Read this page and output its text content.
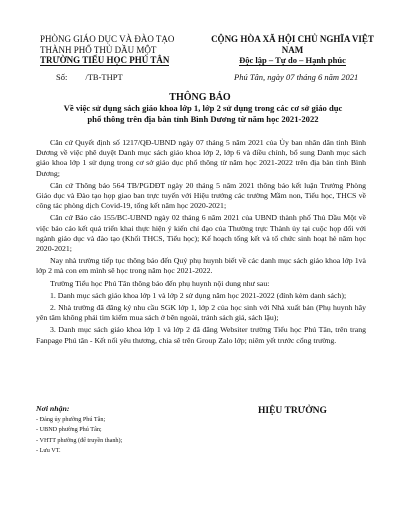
PHÒNG GIÁO DỤC VÀ ĐÀO TẠO
THÀNH PHỐ THỦ DẦU MỘT
TRƯỜNG TIỂU HỌC PHÚ TÂN
CỘNG HÒA XÃ HỘI CHỦ NGHĨA VIỆT NAM
Độc lập – Tự do – Hạnh phúc
Số: /TB-THPT	Phú Tân, ngày 07 tháng 6 năm 2021
THÔNG BÁO
Về việc sử dụng sách giáo khoa lớp 1, lớp 2 sử dụng trong các cơ sở giáo dục phổ thông trên địa bàn tỉnh Bình Dương từ năm học 2021-2022

Căn cứ Quyết định số 1217/QĐ-UBND ngày 07 tháng 5 năm 2021 của Ủy ban nhân dân tỉnh Bình Dương về việc phê duyệt Danh mục sách giáo khoa lớp 2, lớp 6 và điều chỉnh, bổ sung Danh mục sách giáo khoa lớp 1 sử dụng trong cơ sở giáo dục phổ thông từ năm học 2021-2022 trên địa bàn tỉnh Bình Dương;

Căn cứ Thông báo 564 TB/PGDĐT ngày 20 tháng 5 năm 2021 thông báo kết luận Trưởng Phòng Giáo dục và Đào tạo họp giao ban trực tuyến với Hiệu trưởng các trường Mầm non, Tiểu học, THCS về công tác phòng dịch Covid-19, tổng kết năm học 2020-2021;

Căn cứ Báo cáo 155/BC-UBND ngày 02 tháng 6 năm 2021 của UBND thành phố Thủ Dầu Một về việc báo cáo kết quả triển khai thực hiện ý kiến chỉ đạo của Thường trực Thành ủy tại cuộc họp đổi với ngành giáo dục và đào tạo (Khối THCS, Tiểu học); Kế hoạch tổng kết và tổ chức sinh hoạt hè năm học 2020-2021;

Nay nhà trường tiếp tục thông báo đến Quý phụ huynh biết về các danh mục sách giáo khoa lớp 1và lớp 2 mà con em mình sẽ học trong năm học 2021-2022.

Trường Tiểu học Phú Tân thông báo đến phụ huynh nội dung như sau:

1. Danh mục sách giáo khoa lớp 1 và lớp 2 sử dụng năm học 2021-2022 (đính kèm danh sách);

2. Nhà trường đã đăng ký nhu cầu SGK lớp 1, lớp 2 của học sinh với Nhà xuất bản (Phụ huynh hãy yên tâm không phải tìm kiếm mua sách ở bên ngoài, tránh sách giả, sách lậu);

3. Danh mục sách giáo khoa lớp 1 và lớp 2 đã đăng Websiter trường Tiểu học Phú Tân, trên trang Fanpage Phú tân - Kết nối yêu thương, chia sẽ trên Group Zalo lớp; niêm yết trước cổng trường.

Nơi nhận:
- Đảng ủy phường Phú Tân;
- UBND phường Phú Tân;
- VHTT phường (để truyền thanh);
- Lưu VT.
HIỆU TRƯỞNG
